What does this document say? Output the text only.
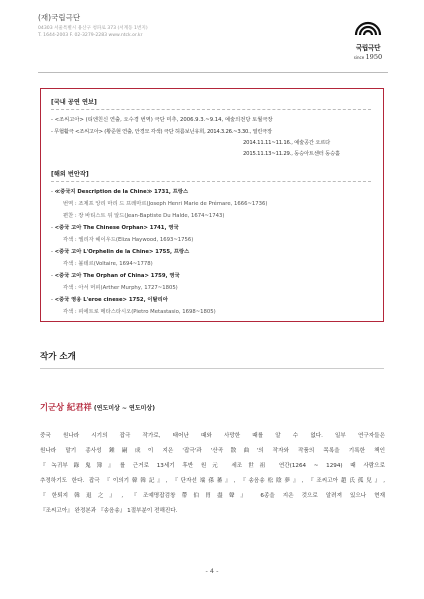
(재)국립극단
04303 서울특별시 용산구 청파로 373 (서계동 1번지)
T. 1644-2003 F. 02-3279-2283 www.ntck.or.kr
국립극단
since 1950
[국내 공연 연보]
- <조씨고아> (티엔친신 연출, 오수경 번역) 극단 미추, 2006.9.3.~9.14, 예술의전당 토월극장
- 무협활극 <조씨고아> (황준현 연출, 안경모 각색) 극단 허름보닌유희, 2014.3.26.~3.30., 열린극장
2014.11.11~11.16., 예술공간 오르다
2015.11.13~11.29., 동승아트센터 동승홀
[해외 번안작]
- ≪중국지 Description de la Chine≫ 1731, 프랑스
번역 : 조제프 앙리 마리 드 프레마르(Joseph Henri Marie de Prémare, 1666~1736)
편찬 : 장 바티스트 뒤 알드(Jean-Baptiste Du Halde, 1674~1743)
- <중국 고아 The Chinese Orphan> 1741, 영국
각색 : 엘리자 헤이우드(Eliza Haywood, 1693~1756)
- <중국 고아 L'Orphelin de la Chine> 1755, 프랑스
각색 : 볼테르(Voltaire, 1694~1778)
- <중국 고아 The Orphan of China> 1759, 영국
각색 : 아서 머피(Arther Murphy, 1727~1805)
- <중국 영웅 L'eroe cinese> 1752, 이탈리아
각색 : 피에트로 메타스타시오(Pietro Metastasio, 1698~1805)
작가 소개
기군상 紀君祥 (연도미상 ~ 연도미상)
중국 원나라 시기의 잡극 작가로, 태어난 때와 사망한 때를 알 수 없다. 일부 연구자들은
원나라 말기 종사성鍾嗣成이 지은 '잡극'과 '산곡散曲'의 작자와 작품의 목록을 기록한 책인
『녹귀부錄鬼簿』를 근거로 13세기 후반 원元 세조世祖 연간(1264 ~ 1294) 때 사람으로
추정하기도 한다. 잡극 『이의기韓韓記』, 『단자선端孫蕃』, 『송음송松陰夢』, 『조씨고아趙氏孤兒』,
『한퇴지韓退之』, 『조예명잡검창帶伯胃盡聲』 6종을 지은 것으로 알려져 있으나 현재
『조씨고아』 완정본과 『송음송』 1절부분이 전해진다.
- 4 -
